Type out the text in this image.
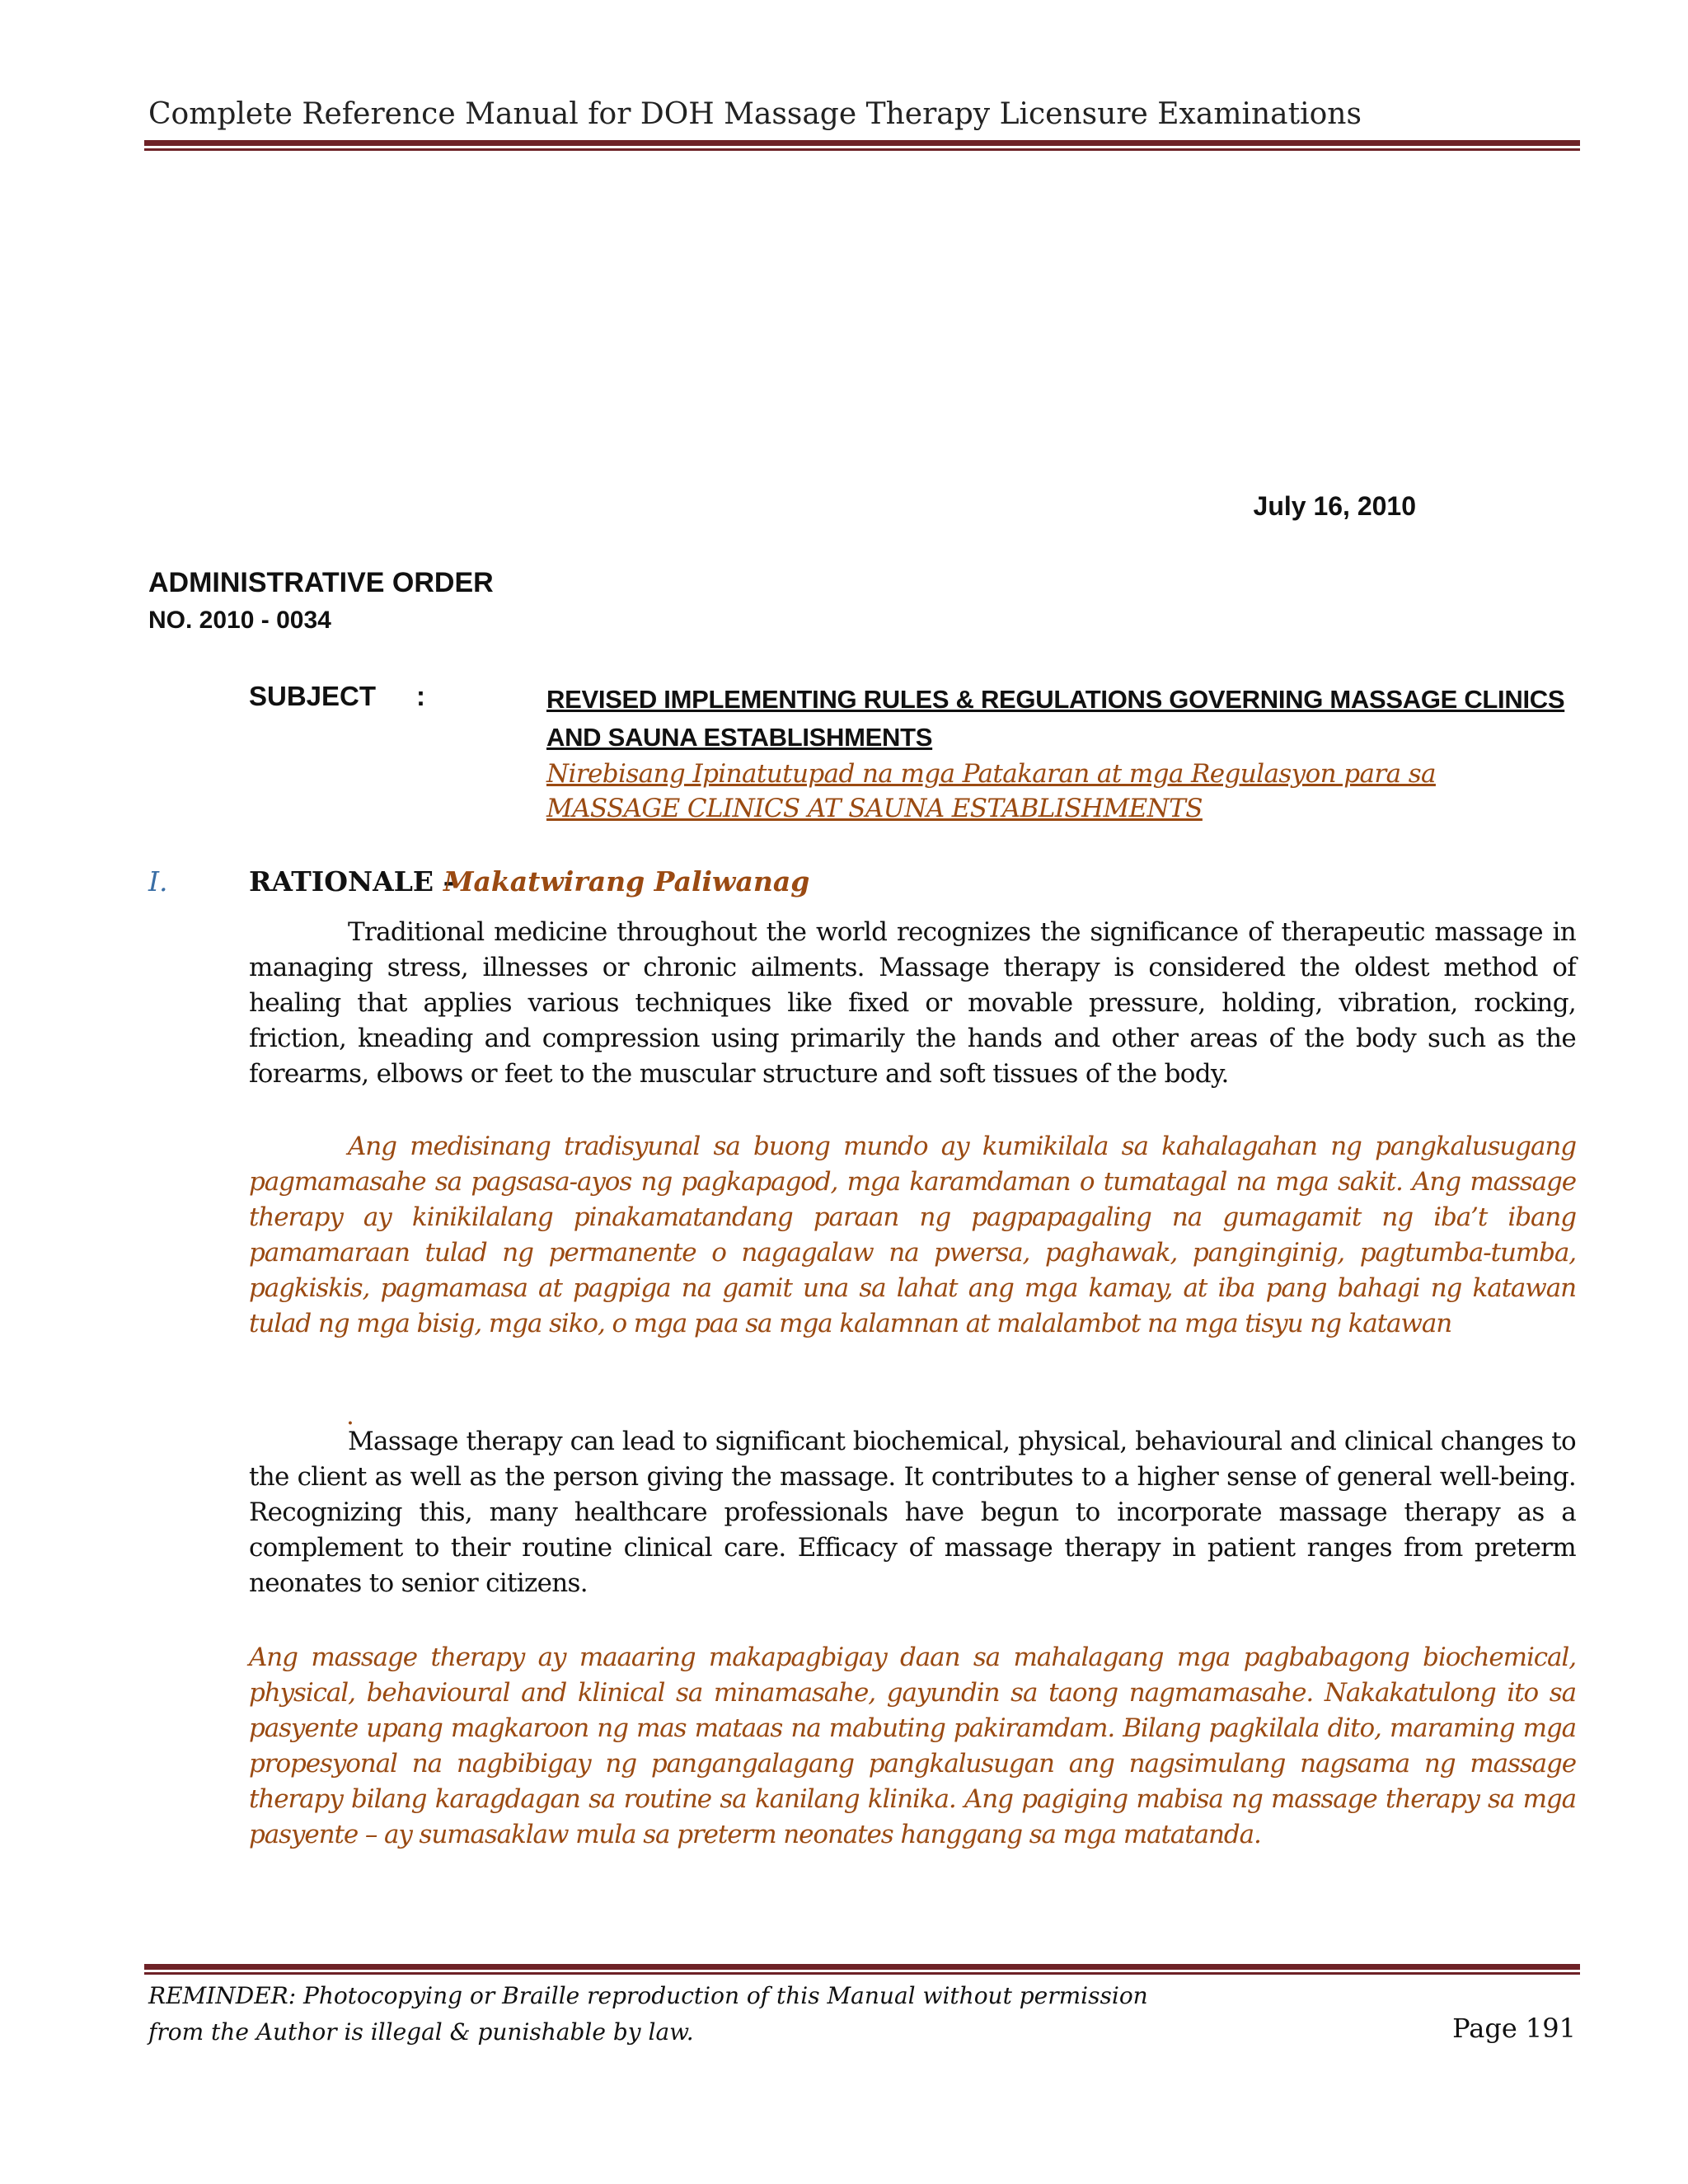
Complete Reference Manual for DOH Massage Therapy Licensure Examinations
July 16, 2010
ADMINISTRATIVE ORDER
NO. 2010 - 0034
SUBJECT :	REVISED IMPLEMENTING RULES & REGULATIONS GOVERNING MASSAGE CLINICS AND SAUNA ESTABLISHMENTS
Nirebisang Ipinatutupad na mga Patakaran at mga Regulasyon para sa MASSAGE CLINICS AT SAUNA ESTABLISHMENTS
I.	RATIONALE -
Makatwirang Paliwanag

Traditional medicine throughout the world recognizes the significance of therapeutic massage in managing stress, illnesses or chronic ailments. Massage therapy is considered the oldest method of healing that applies various techniques like fixed or movable pressure, holding, vibration, rocking, friction, kneading and compression using primarily the hands and other areas of the body such as the forearms, elbows or feet to the muscular structure and soft tissues of the body.

Ang medisinang tradisyunal sa buong mundo ay kumikilala sa kahalagahan ng pangkalusugang pagmamasahe sa pagsasa-ayos ng pagkapagod, mga karamdaman o tumatagal na mga sakit. Ang massage therapy ay kinikilalang pinakamatandang paraan ng pagpapagaling na gumagamit ng iba’t ibang pamamaraan tulad ng permanente o nagagalaw na pwersa, paghawak, panginginig, pagtumba-tumba, pagkiskis, pagmamasa at pagpiga na gamit una sa lahat ang mga kamay, at iba pang bahagi ng katawan tulad ng mga bisig, mga siko, o mga paa sa mga kalamnan at malalambot na mga tisyu ng katawan

.

Massage therapy can lead to significant biochemical, physical, behavioural and clinical changes to the client as well as the person giving the massage. It contributes to a higher sense of general well-being. Recognizing this, many healthcare professionals have begun to incorporate massage therapy as a complement to their routine clinical care. Efficacy of massage therapy in patient ranges from preterm neonates to senior citizens.

Ang massage therapy ay maaaring makapagbigay daan sa mahalagang mga pagbabagong biochemical, physical, behavioural and klinical sa minamasahe, gayundin sa taong nagmamasahe. Nakakatulong ito sa pasyente upang magkaroon ng mas mataas na mabuting pakiramdam. Bilang pagkilala dito, maraming mga propesyonal na nagbibigay ng pangangalagang pangkalusugan ang nagsimulang nagsama ng massage therapy bilang karagdagan sa routine sa kanilang klinika. Ang pagiging mabisa ng massage therapy sa mga pasyente – ay sumasaklaw mula sa preterm neonates hanggang sa mga matatanda.

REMINDER: Photocopying or Braille reproduction of this Manual without permission
from the Author is illegal & punishable by law.	Page 191
